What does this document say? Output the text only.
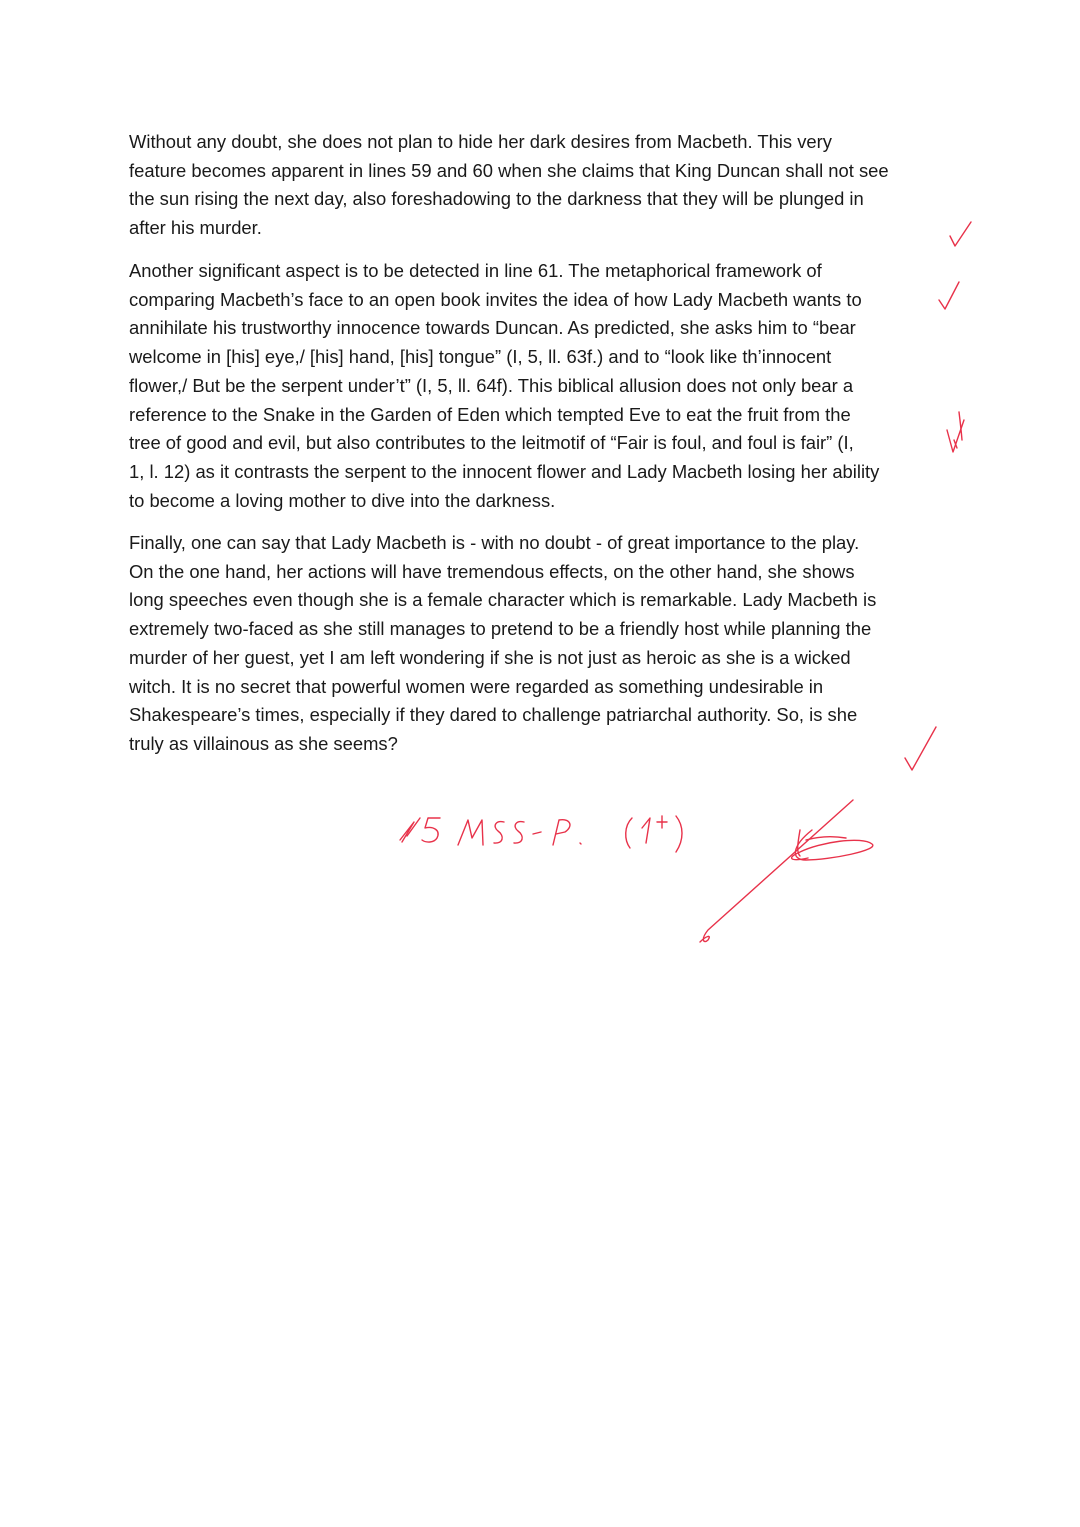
Without any doubt, she does not plan to hide her dark desires from Macbeth. This very
feature becomes apparent in lines 59 and 60 when she claims that King Duncan shall not see
the sun rising the next day, also foreshadowing to the darkness that they will be plunged in
after his murder.
Another significant aspect is to be detected in line 61. The metaphorical framework of
comparing Macbeth’s face to an open book invites the idea of how Lady Macbeth wants to
annihilate his trustworthy innocence towards Duncan. As predicted, she asks him to “bear
welcome in [his] eye,/ [his] hand, [his] tongue” (I, 5, ll. 63f.) and to “look like th’innocent
flower,/ But be the serpent under’t” (I, 5, ll. 64f). This biblical allusion does not only bear a
reference to the Snake in the Garden of Eden which tempted Eve to eat the fruit from the
tree of good and evil, but also contributes to the leitmotif of “Fair is foul, and foul is fair” (I,
1, l. 12) as it contrasts the serpent to the innocent flower and Lady Macbeth losing her ability
to become a loving mother to dive into the darkness.
Finally, one can say that Lady Macbeth is - with no doubt - of great importance to the play.
On the one hand, her actions will have tremendous effects, on the other hand, she shows
long speeches even though she is a female character which is remarkable. Lady Macbeth is
extremely two-faced as she still manages to pretend to be a friendly host while planning the
murder of her guest, yet I am left wondering if she is not just as heroic as she is a wicked
witch. It is no secret that powerful women were regarded as something undesirable in
Shakespeare’s times, especially if they dared to challenge patriarchal authority. So, is she
truly as villainous as she seems?
